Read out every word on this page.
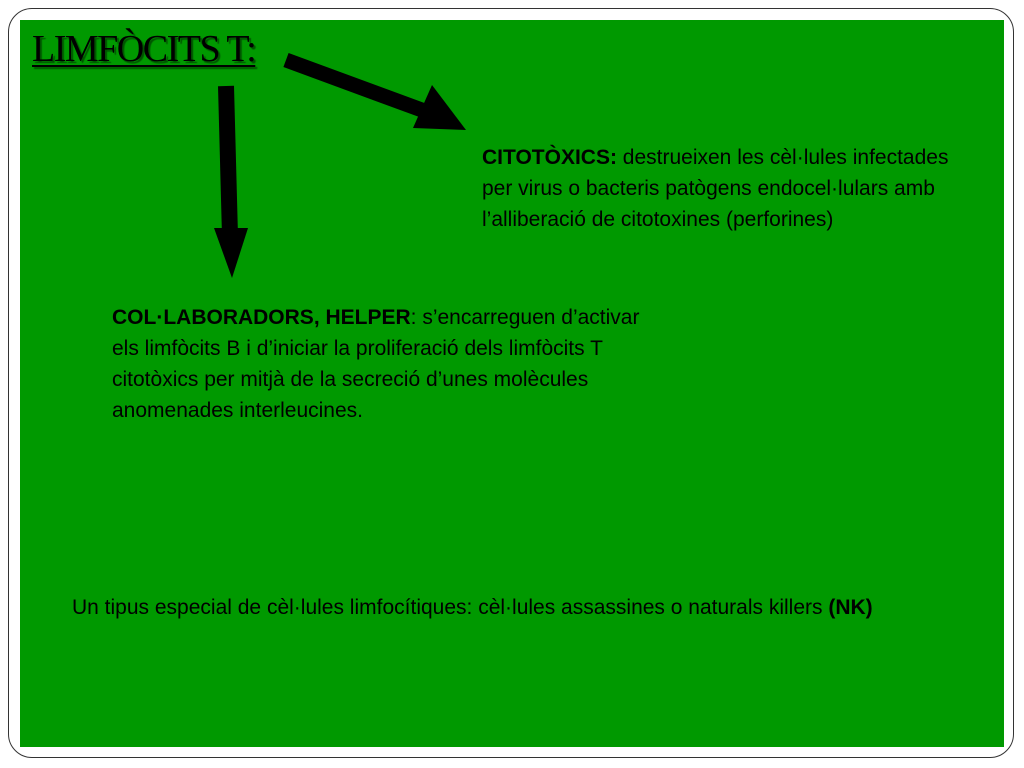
LIMFÒCITS T:

CITOTÒXICS: destrueixen les cèl·lules infectades per virus o bacteris patògens endocel·lulars amb l’alliberació de citotoxines (perforines)

COL·LABORADORS, HELPER: s’encarreguen d’activar els limfòcits B i d’iniciar la proliferació dels limfòcits T citotòxics per mitjà de la secreció d’unes molècules anomenades interleucines.

Un tipus especial de cèl·lules limfocítiques: cèl·lules assassines o naturals killers (NK)
